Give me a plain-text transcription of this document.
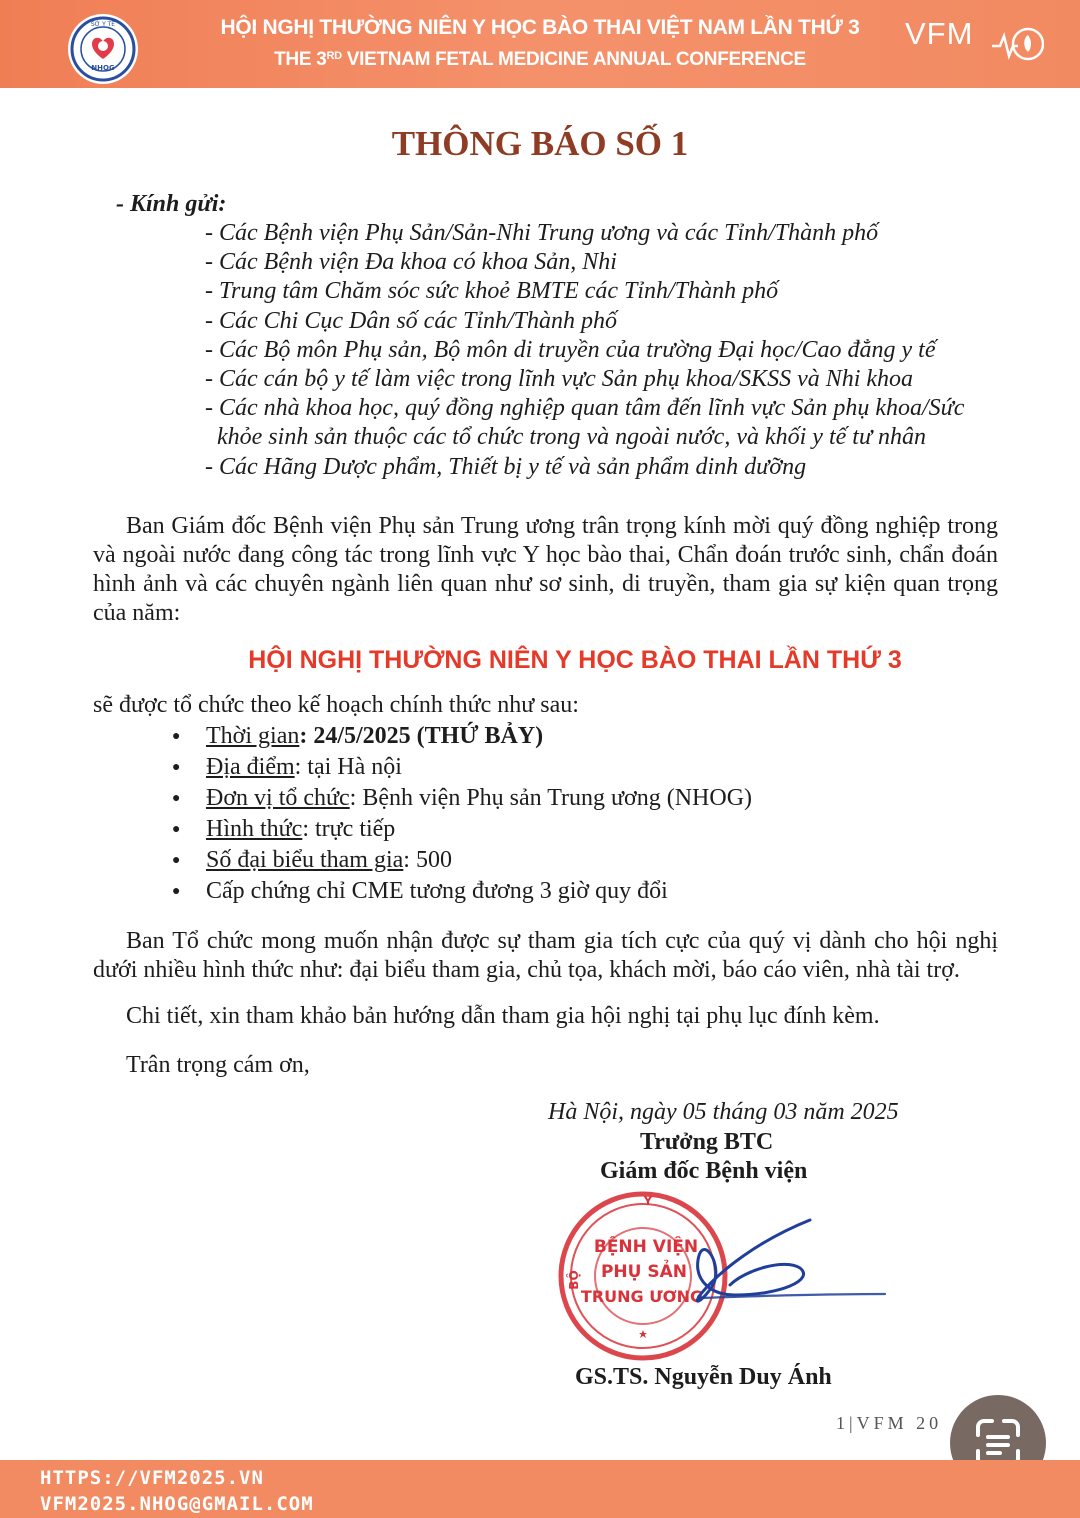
SỞ Y TẾ
NHOG
HỘI NGHỊ THƯỜNG NIÊN Y HỌC BÀO THAI VIỆT NAM LẦN THỨ 3
THE 3RD VIETNAM FETAL MEDICINE ANNUAL CONFERENCE
VFM
THÔNG BÁO SỐ 1
- Kính gửi:
- Các Bệnh viện Phụ Sản/Sản-Nhi Trung ương và các Tỉnh/Thành phố
- Các Bệnh viện Đa khoa có khoa Sản, Nhi
- Trung tâm Chăm sóc sức khoẻ BMTE các Tỉnh/Thành phố
- Các Chi Cục Dân số các Tỉnh/Thành phố
- Các Bộ môn Phụ sản, Bộ môn di truyền của trường Đại học/Cao đẳng y tế
- Các cán bộ y tế làm việc trong lĩnh vực Sản phụ khoa/SKSS và Nhi khoa
- Các nhà khoa học, quý đồng nghiệp quan tâm đến lĩnh vực Sản phụ khoa/Sức
khỏe sinh sản thuộc các tổ chức trong và ngoài nước, và khối y tế tư nhân
- Các Hãng Dược phẩm, Thiết bị y tế và sản phẩm dinh dưỡng
Ban Giám đốc Bệnh viện Phụ sản Trung ương trân trọng kính mời quý đồng nghiệp trong và ngoài nước đang công tác trong lĩnh vực Y học bào thai, Chẩn đoán trước sinh, chẩn đoán hình ảnh và các chuyên ngành liên quan như sơ sinh, di truyền, tham gia sự kiện quan trọng của năm:
HỘI NGHỊ THƯỜNG NIÊN Y HỌC BÀO THAI LẦN THỨ 3
sẽ được tổ chức theo kế hoạch chính thức như sau:
● Thời gian: 24/5/2025 (THỨ BẢY)
● Địa điểm: tại Hà nội
● Đơn vị tổ chức: Bệnh viện Phụ sản Trung ương (NHOG)
● Hình thức: trực tiếp
● Số đại biểu tham gia: 500
● Cấp chứng chỉ CME tương đương 3 giờ quy đổi
Ban Tổ chức mong muốn nhận được sự tham gia tích cực của quý vị dành cho hội nghị dưới nhiều hình thức như: đại biểu tham gia, chủ tọa, khách mời, báo cáo viên, nhà tài trợ.
Chi tiết, xin tham khảo bản hướng dẫn tham gia hội nghị tại phụ lục đính kèm.
Trân trọng cám ơn,
Hà Nội, ngày 05 tháng 03 năm 2025
Trưởng BTC
Giám đốc Bệnh viện
Y
BỘ
BỆNH VIỆN
PHỤ SẢN
TRUNG ƯƠNG
GS.TS. Nguyễn Duy Ánh
1|VFM 20
HTTPS://VFM2025.VN
VFM2025.NHOG@GMAIL.COM
